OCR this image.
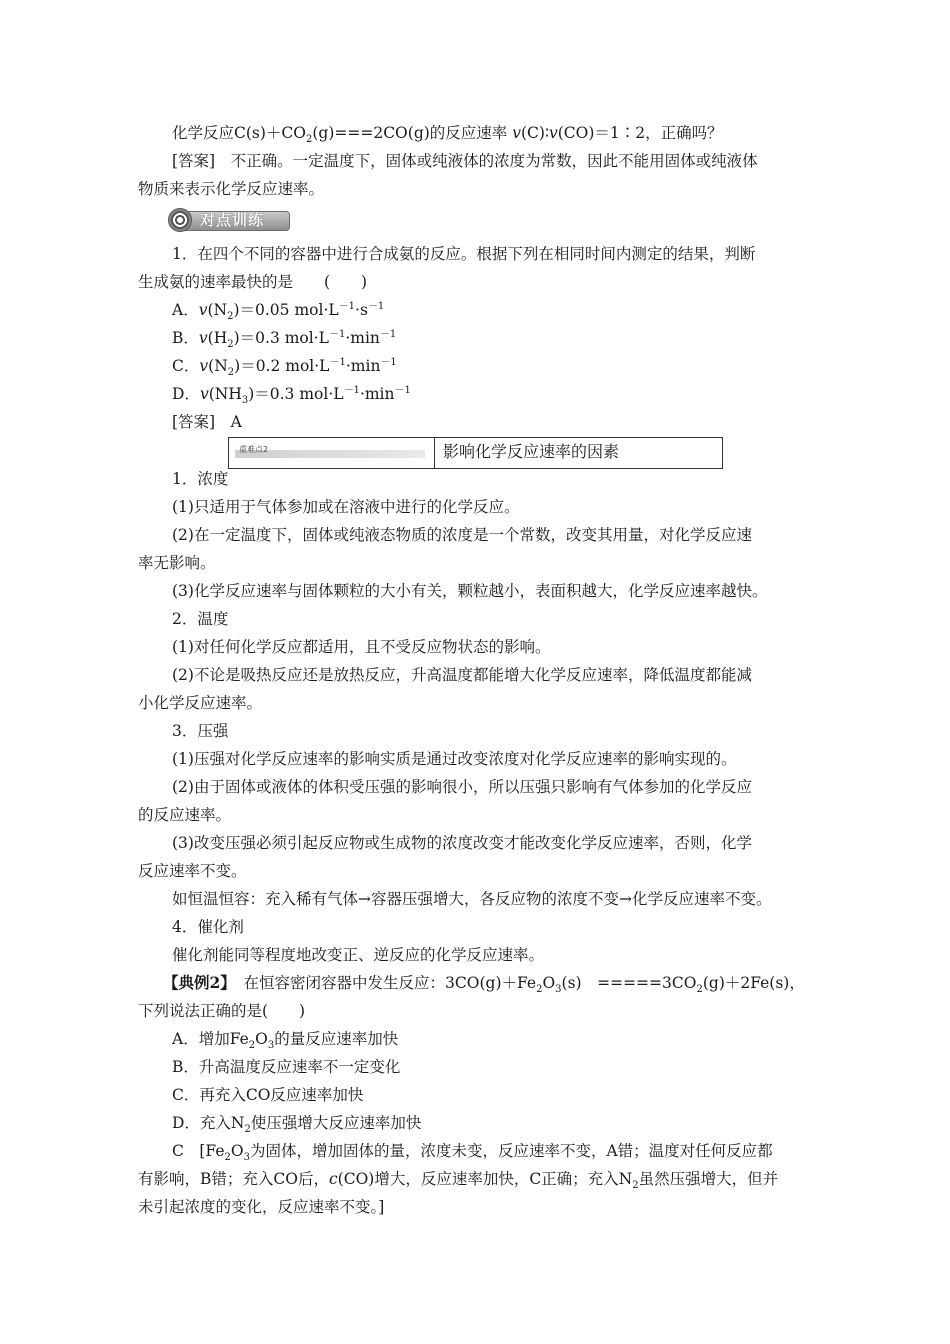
化学反应$C(s)+CO_2(g)===2CO(g)$的反应速率 v(C)∶v(CO)＝1∶2，正确吗？
[答案]　 不正确。一定温度下，固体或纯液体的浓度为常数，因此不能用固体或纯液体
物质来表示化学反应速率。
对点训练
1．在四个不同的容器中进行合成氨的反应。根据下列在相同时间内测定的结果，判断
生成氨的速率最快的是　　(　　)
A．$v(N_2)=0.05$ $mol\cdot L^{-1}\cdot s^{-1}$
B．$v(H_2)=0.3$ $mol\cdot L^{-1}\cdot\min^{-1}$
C．$v(N_2)=0.2$ $mol\cdot L^{-1}\cdot\min^{-1}$
D．$v(NH_3)=0.3$ $mol\cdot L^{-1}\cdot\min^{-1}$
[答案]　 A
重难点2	影响化学反应速率的因素
1．浓度
(1)只适用于气体参加或在溶液中进行的化学反应。
(2)在一定温度下，固体或纯液态物质的浓度是一个常数，改变其用量，对化学反应速
率无影响。
(3)化学反应速率与固体颗粒的大小有关，颗粒越小，表面积越大，化学反应速率越快。
2．温度
(1)对任何化学反应都适用，且不受反应物状态的影响。
(2)不论是吸热反应还是放热反应，升高温度都能增大化学反应速率，降低温度都能减
小化学反应速率。
3．压强
(1)压强对化学反应速率的影响实质是通过改变浓度对化学反应速率的影响实现的。
(2)由于固体或液体的体积受压强的影响很小，所以压强只影响有气体参加的化学反应
的反应速率。
(3)改变压强必须引起反应物或生成物的浓度改变才能改变化学反应速率，否则，化学
反应速率不变。
如恒温恒容：充入稀有气体→容器压强增大，各反应物的浓度不变→化学反应速率不变。
4．催化剂
催化剂能同等程度地改变正、逆反应的化学反应速率。
【典例2】　在恒容密闭容器中发生反应：$3CO(g)+Fe_2O_3(s)$　$=====3CO_2(g)+2Fe(s)$，
下列说法正确的是(　　)
A．增加$Fe_2O_3$的量反应速率加快
B．升高温度反应速率不一定变化
C．再充入CO反应速率加快
D．充入$N_2$使压强增大反应速率加快
C　[$Fe_2O_3$为固体，增加固体的量，浓度未变，反应速率不变，A错；温度对任何反应都
有影响，B错；充入CO后，c(CO)增大，反应速率加快，C正确；充入$N_2$虽然压强增大，但并
未引起浓度的变化，反应速率不变。]
